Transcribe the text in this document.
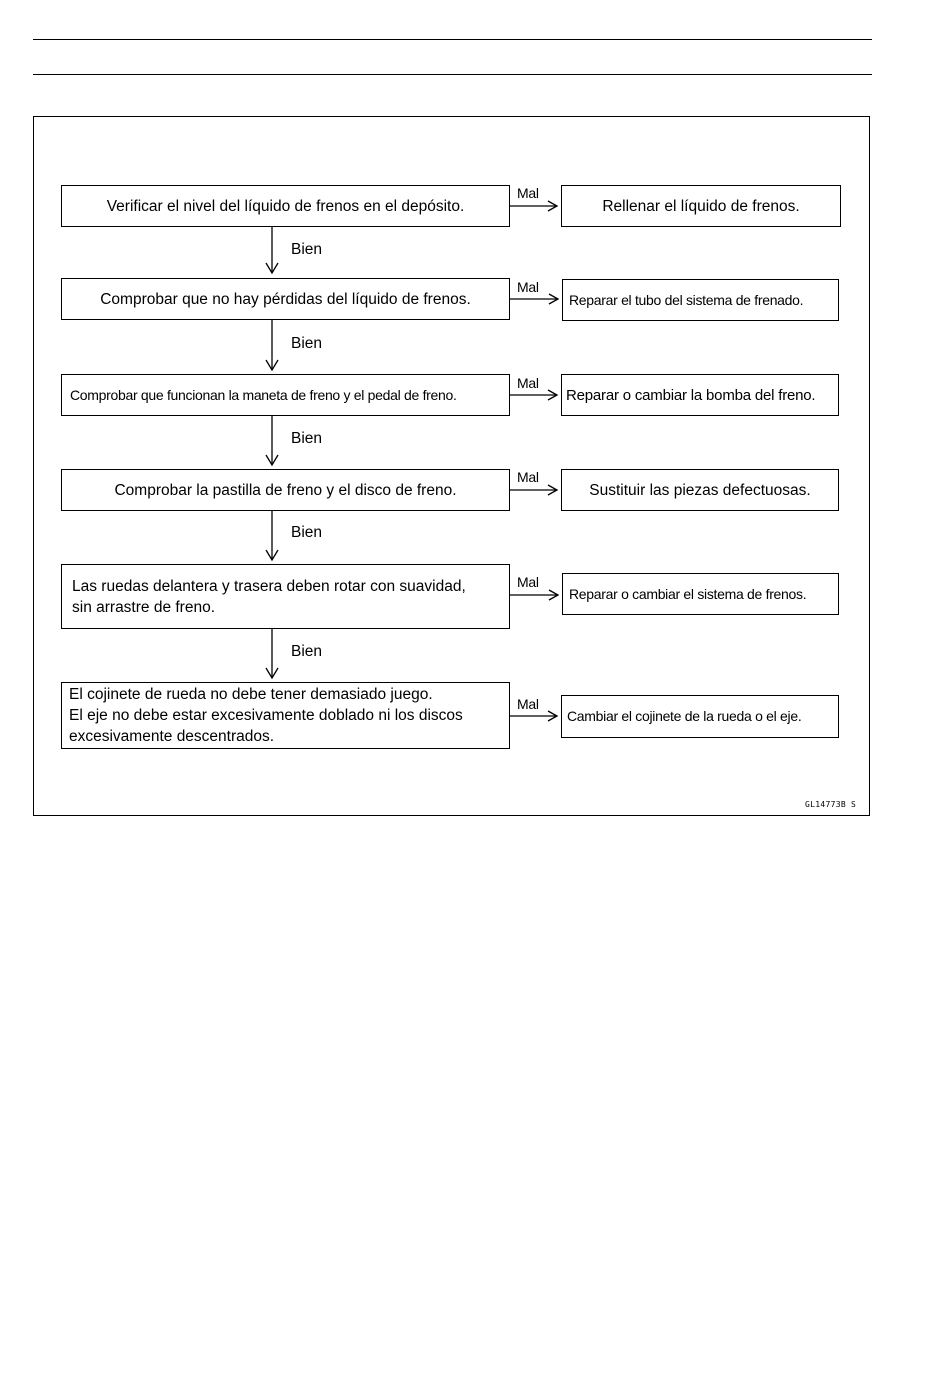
Verificar el nivel del líquido de frenos en el depósito.
Mal
Rellenar el líquido de frenos.
Bien
Comprobar que no hay pérdidas del líquido de frenos.
Mal
Reparar el tubo del sistema de frenado.
Bien
Comprobar que funcionan la maneta de freno y el pedal de freno.
Mal
Reparar o cambiar la bomba del freno.
Bien
Comprobar la pastilla de freno y el disco de freno.
Mal
Sustituir las piezas defectuosas.
Bien
Las ruedas delantera y trasera deben rotar con suavidad,
sin arrastre de freno.
Mal
Reparar o cambiar el sistema de frenos.
Bien
El cojinete de rueda no debe tener demasiado juego.
El eje no debe estar excesivamente doblado ni los discos
excesivamente descentrados.
Mal
Cambiar el cojinete de la rueda o el eje.
GL14773B S
